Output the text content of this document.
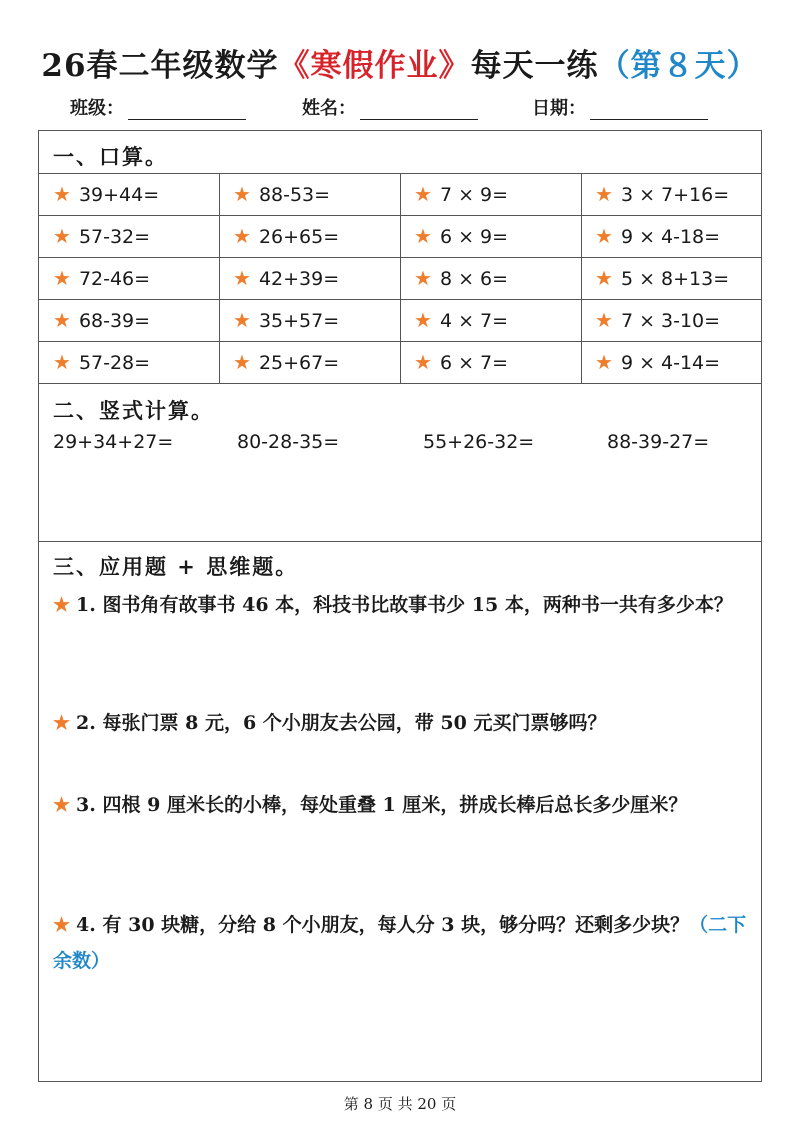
26春二年级数学《寒假作业》每天一练（第８天）
班级：	姓名：	日期：
一、口算。
★ 39+44=	★ 88-53=	★ 7 × 9=	★ 3 × 7+16=
★ 57-32=	★ 26+65=	★ 6 × 9=	★ 9 × 4-18=
★ 72-46=	★ 42+39=	★ 8 × 6=	★ 5 × 8+13=
★ 68-39=	★ 35+57=	★ 4 × 7=	★ 7 × 3-10=
★ 57-28=	★ 25+67=	★ 6 × 7=	★ 9 × 4-14=
二、竖式计算。
29+34+27=	80-28-35=	55+26-32=	88-39-27=
三、应用题 + 思维题。
★ 1. 图书角有故事书 46 本，科技书比故事书少 15 本，两种书一共有多少本？
★ 2. 每张门票 8 元，6 个小朋友去公园，带 50 元买门票够吗？
★ 3. 四根 9 厘米长的小棒，每处重叠 1 厘米，拼成长棒后总长多少厘米？
★ 4. 有 30 块糖，分给 8 个小朋友，每人分 3 块，够分吗？还剩多少块？（二下余数）
第 8 页 共 20 页
